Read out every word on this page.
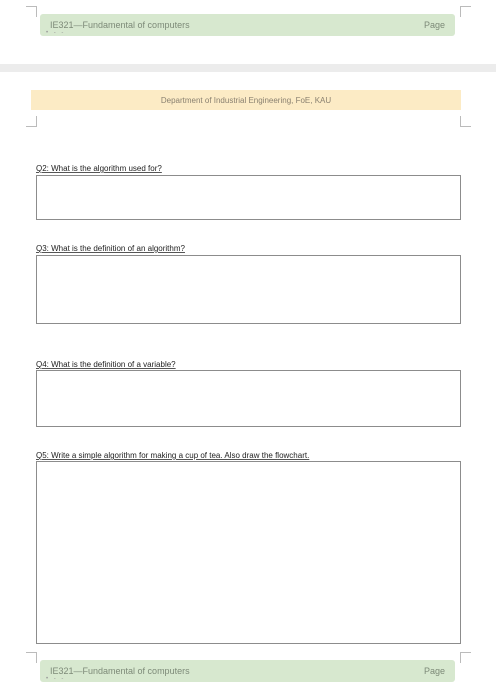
IE321—Fundamental of computers	Page
• ‐ ‐
Department of Industrial Engineering, FoE, KAU
Q2: What is the algorithm used for?
Q3: What is the definition of an algorithm?
Q4: What is the definition of a variable?
Q5: Write a simple algorithm for making a cup of tea. Also draw the flowchart.
IE321—Fundamental of computers	Page
• ‐ ‐
